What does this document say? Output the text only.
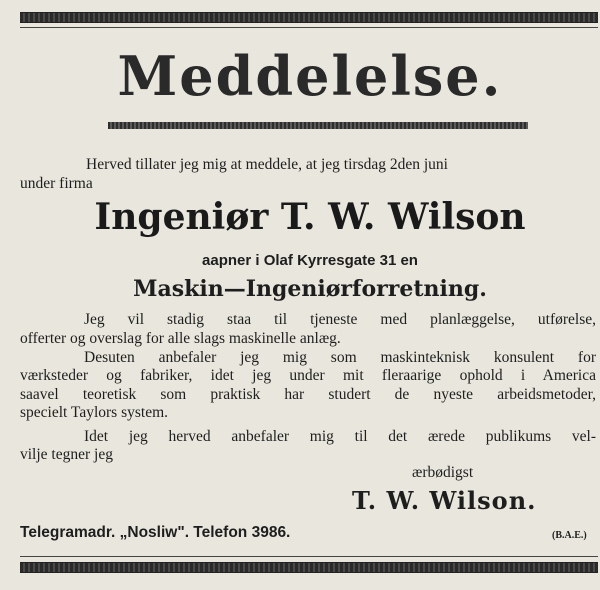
Meddelelse.
Herved tillater jeg mig at meddele, at jeg tirsdag 2den juni
under firma
Ingeniør T. W. Wilson
aapner i Olaf Kyrresgate 31 en
Maskin—Ingeniørforretning.
Jeg vil stadig staa til tjeneste med planlæggelse, utførelse,
offerter og overslag for alle slags maskinelle anlæg.
Desuten anbefaler jeg mig som maskinteknisk konsulent for
værksteder og fabriker, idet jeg under mit fleraarige ophold i America
saavel teoretisk som praktisk har studert de nyeste arbeidsmetoder,
specielt Taylors system.
Idet jeg herved anbefaler mig til det ærede publikums vel-
vilje tegner jeg
ærbødigst
T. W. Wilson.
Telegramadr. „Nosliw". Telefon 3986.	(B.A.E.)
